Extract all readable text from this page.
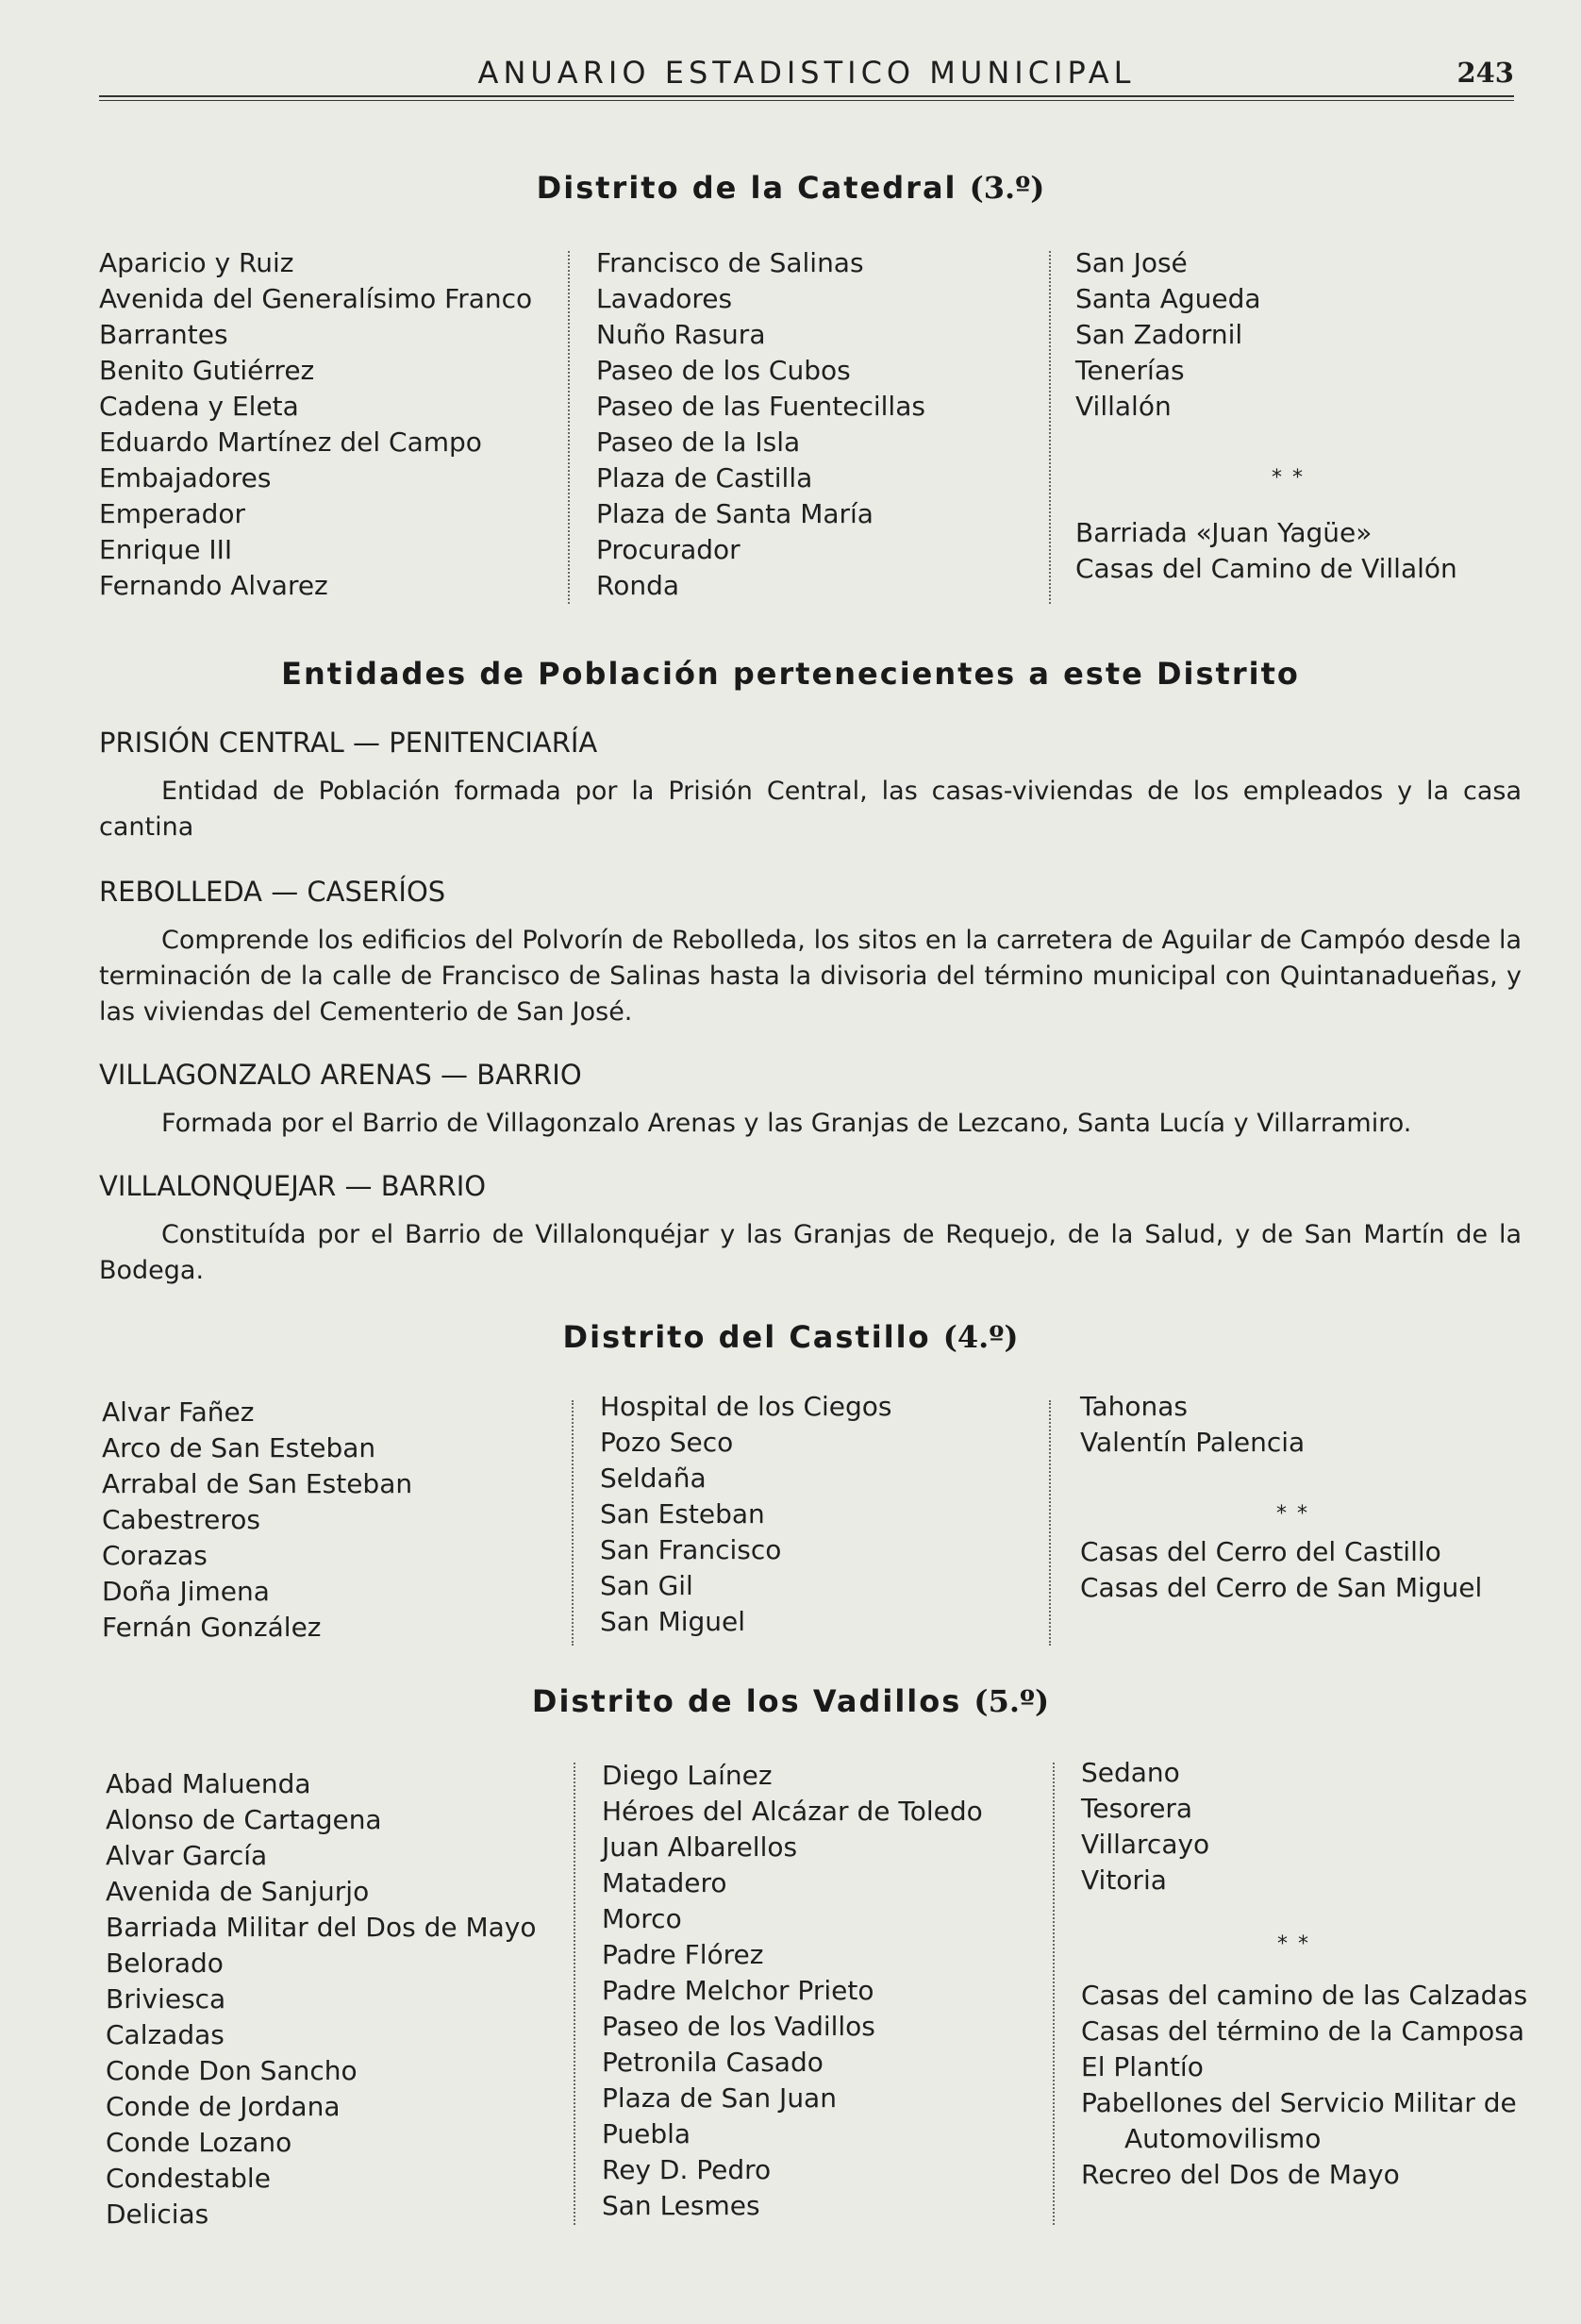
ANUARIO ESTADISTICO MUNICIPAL	243
Distrito de la Catedral (3.º)
Aparicio y Ruiz
Avenida del Generalísimo Franco
Barrantes
Benito Gutiérrez
Cadena y Eleta
Eduardo Martínez del Campo
Embajadores
Emperador
Enrique III
Fernando Alvarez
Francisco de Salinas
Lavadores
Nuño Rasura
Paseo de los Cubos
Paseo de las Fuentecillas
Paseo de la Isla
Plaza de Castilla
Plaza de Santa María
Procurador
Ronda
San José
Santa Agueda
San Zadornil
Tenerías
Villalón
* *
Barriada «Juan Yagüe»
Casas del Camino de Villalón
Entidades de Población pertenecientes a este Distrito
PRISIÓN CENTRAL — PENITENCIARÍA
Entidad de Población formada por la Prisión Central, las casas-viviendas de los empleados y la casa cantina
REBOLLEDA — CASERÍOS
Comprende los edificios del Polvorín de Rebolleda, los sitos en la carretera de Aguilar de Campóo desde la terminación de la calle de Francisco de Salinas hasta la divisoria del término municipal con Quintanadueñas, y las viviendas del Cementerio de San José.
VILLAGONZALO ARENAS — BARRIO
Formada por el Barrio de Villagonzalo Arenas y las Granjas de Lezcano, Santa Lucía y Villarramiro.
VILLALONQUEJAR — BARRIO
Constituída por el Barrio de Villalonquéjar y las Granjas de Requejo, de la Salud, y de San Martín de la Bodega.
Distrito del Castillo (4.º)
Alvar Fañez
Arco de San Esteban
Arrabal de San Esteban
Cabestreros
Corazas
Doña Jimena
Fernán González
Hospital de los Ciegos
Pozo Seco
Seldaña
San Esteban
San Francisco
San Gil
San Miguel
Tahonas
Valentín Palencia
* *
Casas del Cerro del Castillo
Casas del Cerro de San Miguel
Distrito de los Vadillos (5.º)
Abad Maluenda
Alonso de Cartagena
Alvar García
Avenida de Sanjurjo
Barriada Militar del Dos de Mayo
Belorado
Briviesca
Calzadas
Conde Don Sancho
Conde de Jordana
Conde Lozano
Condestable
Delicias
Diego Laínez
Héroes del Alcázar de Toledo
Juan Albarellos
Matadero
Morco
Padre Flórez
Padre Melchor Prieto
Paseo de los Vadillos
Petronila Casado
Plaza de San Juan
Puebla
Rey D. Pedro
San Lesmes
Sedano
Tesorera
Villarcayo
Vitoria
* *
Casas del camino de las Calzadas
Casas del término de la Camposa
El Plantío
Pabellones del Servicio Militar de
Automovilismo
Recreo del Dos de Mayo
